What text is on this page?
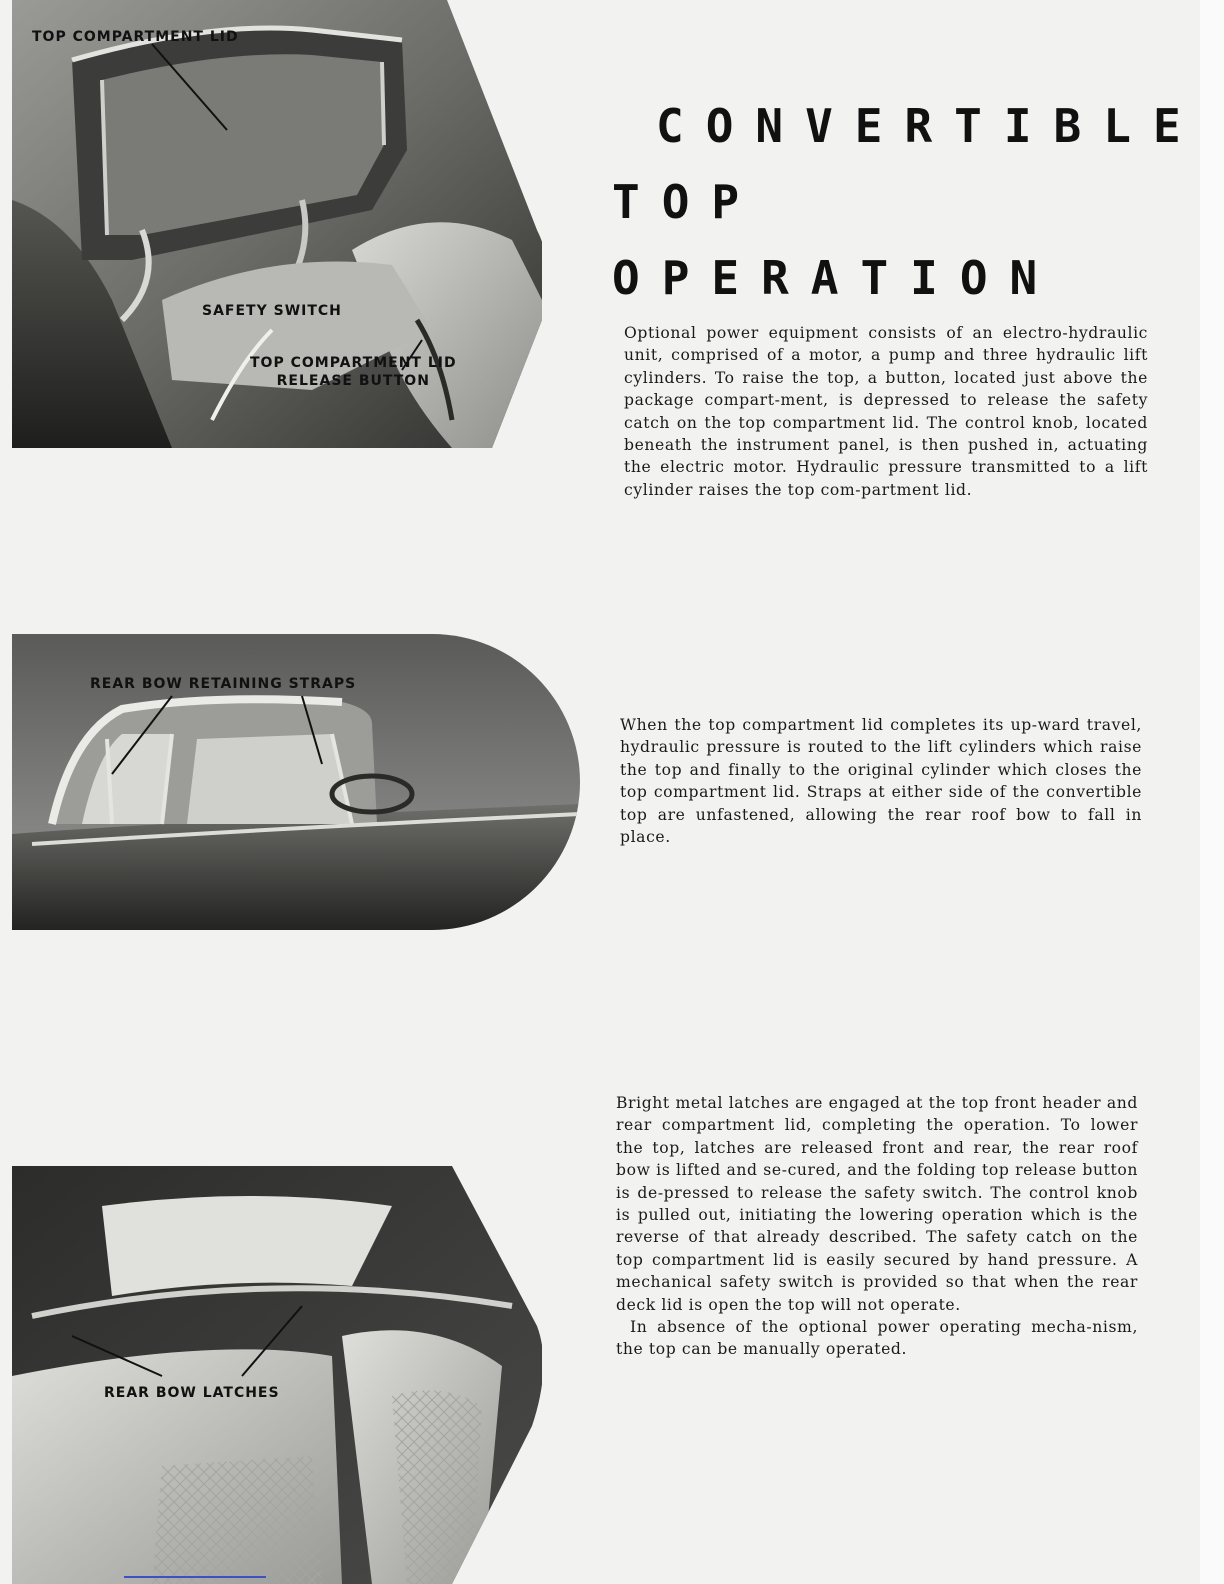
TOP COMPARTMENT LID
SAFETY SWITCH
TOP COMPARTMENT LID
RELEASE BUTTON
REAR BOW RETAINING STRAPS
REAR BOW LATCHES
CONVERTIBLE
TOP OPERATION

Optional power equipment consists of an electro-hydraulic unit, comprised of a motor, a pump and three hydraulic lift cylinders. To raise the top, a button, located just above the package compart-ment, is depressed to release the safety catch on the top compartment lid. The control knob, located beneath the instrument panel, is then pushed in, actuating the electric motor. Hydraulic pressure transmitted to a lift cylinder raises the top com-partment lid.

When the top compartment lid completes its up-ward travel, hydraulic pressure is routed to the lift cylinders which raise the top and finally to the original cylinder which closes the top compartment lid. Straps at either side of the convertible top are unfastened, allowing the rear roof bow to fall in place.

Bright metal latches are engaged at the top front header and rear compartment lid, completing the operation. To lower the top, latches are released front and rear, the rear roof bow is lifted and se-cured, and the folding top release button is de-pressed to release the safety switch. The control knob is pulled out, initiating the lowering operation which is the reverse of that already described. The safety catch on the top compartment lid is easily secured by hand pressure. A mechanical safety switch is provided so that when the rear deck lid is open the top will not operate.

In absence of the optional power operating mecha-nism, the top can be manually operated.
